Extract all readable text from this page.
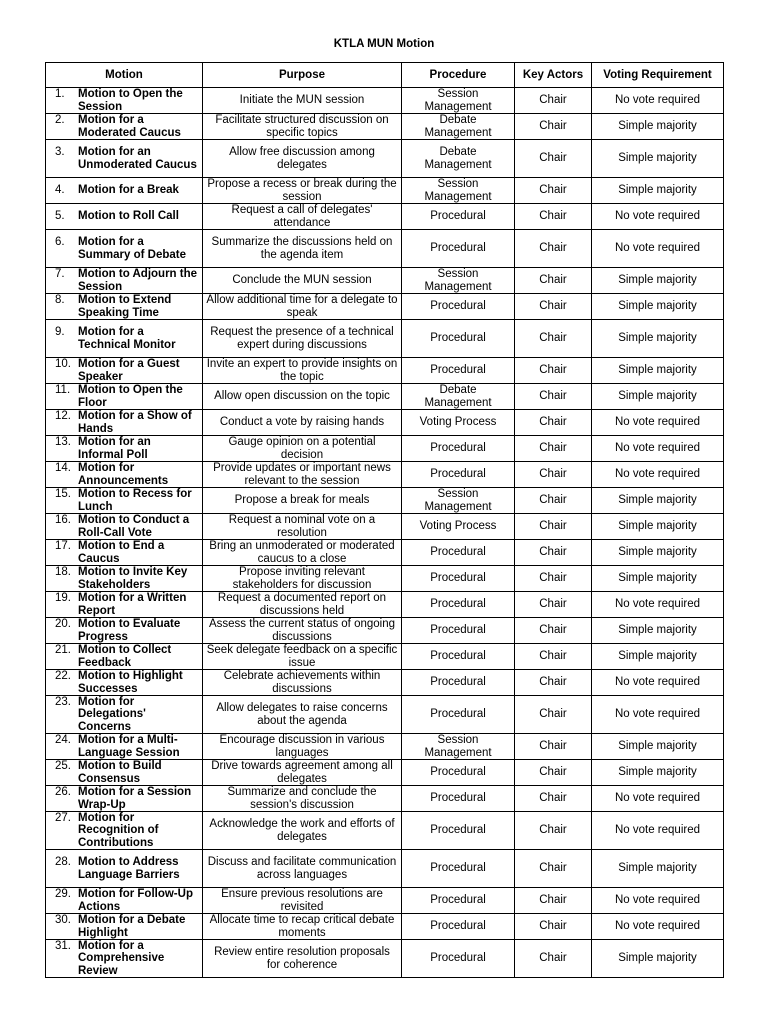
KTLA MUN Motion
Motion	Purpose	Procedure	Key Actors	Voting Requirement

1. Motion to Open the Session	Initiate the MUN session	Session Management	Chair	No vote required

2. Motion for a Moderated Caucus	Facilitate structured discussion on specific topics	Debate Management	Chair	Simple majority

3. Motion for an Unmoderated Caucus	Allow free discussion among delegates	Debate Management	Chair	Simple majority

4. Motion for a Break	Propose a recess or break during the session	Session Management	Chair	Simple majority

5. Motion to Roll Call	Request a call of delegates' attendance	Procedural	Chair	No vote required

6. Motion for a Summary of Debate	Summarize the discussions held on the agenda item	Procedural	Chair	No vote required

7. Motion to Adjourn the Session	Conclude the MUN session	Session Management	Chair	Simple majority

8. Motion to Extend Speaking Time	Allow additional time for a delegate to speak	Procedural	Chair	Simple majority

9. Motion for a Technical Monitor	Request the presence of a technical expert during discussions	Procedural	Chair	Simple majority

10. Motion for a Guest Speaker	Invite an expert to provide insights on the topic	Procedural	Chair	Simple majority

11. Motion to Open the Floor	Allow open discussion on the topic	Debate Management	Chair	Simple majority

12. Motion for a Show of Hands	Conduct a vote by raising hands	Voting Process	Chair	No vote required

13. Motion for an Informal Poll	Gauge opinion on a potential decision	Procedural	Chair	No vote required

14. Motion for Announcements	Provide updates or important news relevant to the session	Procedural	Chair	No vote required

15. Motion to Recess for Lunch	Propose a break for meals	Session Management	Chair	Simple majority

16. Motion to Conduct a Roll-Call Vote	Request a nominal vote on a resolution	Voting Process	Chair	Simple majority

17. Motion to End a Caucus	Bring an unmoderated or moderated caucus to a close	Procedural	Chair	Simple majority

18. Motion to Invite Key Stakeholders	Propose inviting relevant stakeholders for discussion	Procedural	Chair	Simple majority

19. Motion for a Written Report	Request a documented report on discussions held	Procedural	Chair	No vote required

20. Motion to Evaluate Progress	Assess the current status of ongoing discussions	Procedural	Chair	Simple majority

21. Motion to Collect Feedback	Seek delegate feedback on a specific issue	Procedural	Chair	Simple majority

22. Motion to Highlight Successes	Celebrate achievements within discussions	Procedural	Chair	No vote required

23. Motion for Delegations' Concerns	Allow delegates to raise concerns about the agenda	Procedural	Chair	No vote required

24. Motion for a Multi-Language Session	Encourage discussion in various languages	Session Management	Chair	Simple majority

25. Motion to Build Consensus	Drive towards agreement among all delegates	Procedural	Chair	Simple majority

26. Motion for a Session Wrap-Up	Summarize and conclude the session's discussion	Procedural	Chair	No vote required

27. Motion for Recognition of Contributions	Acknowledge the work and efforts of delegates	Procedural	Chair	No vote required

28. Motion to Address Language Barriers	Discuss and facilitate communication across languages	Procedural	Chair	Simple majority

29. Motion for Follow-Up Actions	Ensure previous resolutions are revisited	Procedural	Chair	No vote required

30. Motion for a Debate Highlight	Allocate time to recap critical debate moments	Procedural	Chair	No vote required

31. Motion for a Comprehensive Review	Review entire resolution proposals for coherence	Procedural	Chair	Simple majority
